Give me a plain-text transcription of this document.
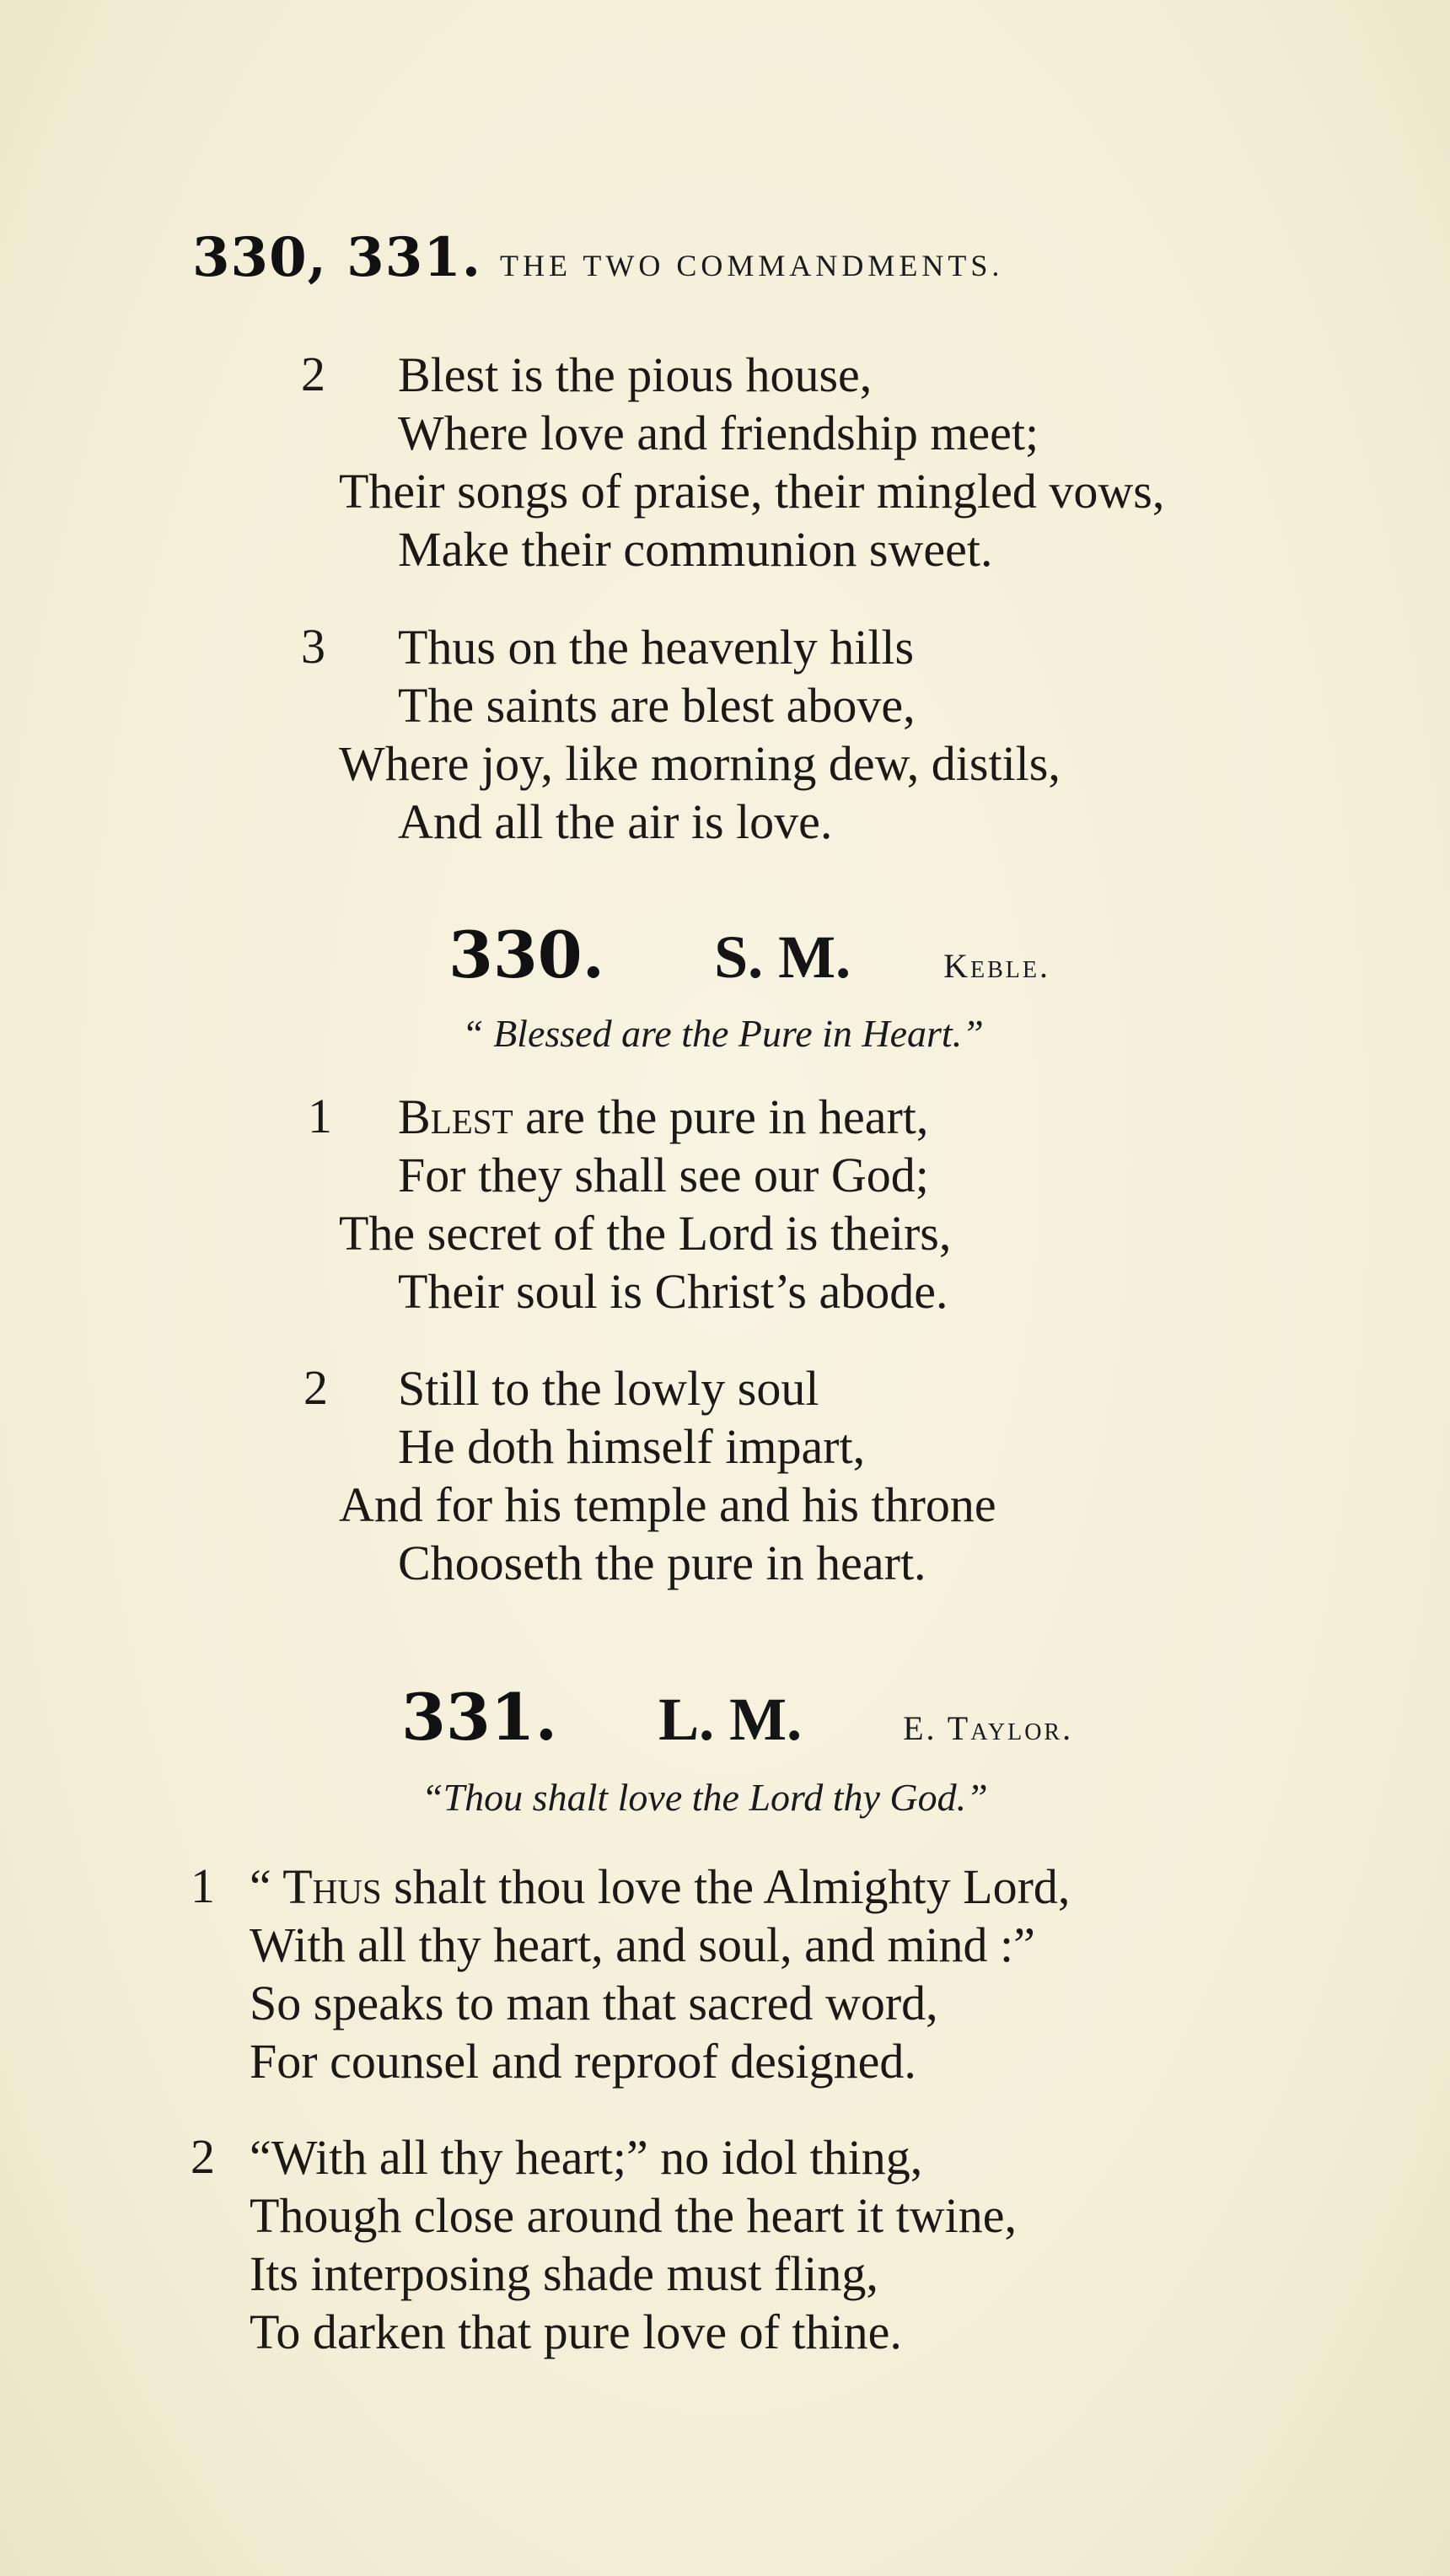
330, 331. THE TWO COMMANDMENTS.
2 Blest is the pious house,
Where love and friendship meet;
Their songs of praise, their mingled vows,
Make their communion sweet.
3 Thus on the heavenly hills
The saints are blest above,
Where joy, like morning dew, distils,
And all the air is love.
330. S. M.	Keble.
“ Blessed are the Pure in Heart.”
1 Blest are the pure in heart,
For they shall see our God;
The secret of the Lord is theirs,
Their soul is Christ’s abode.
2 Still to the lowly soul
He doth himself impart,
And for his temple and his throne
Chooseth the pure in heart.
331. L. M.	E. Taylor.
“Thou shalt love the Lord thy God.”
1 “ Thus shalt thou love the Almighty Lord,
With all thy heart, and soul, and mind :”
So speaks to man that sacred word,
For counsel and reproof designed.
2 “With all thy heart;” no idol thing,
Though close around the heart it twine,
Its interposing shade must fling,
To darken that pure love of thine.
